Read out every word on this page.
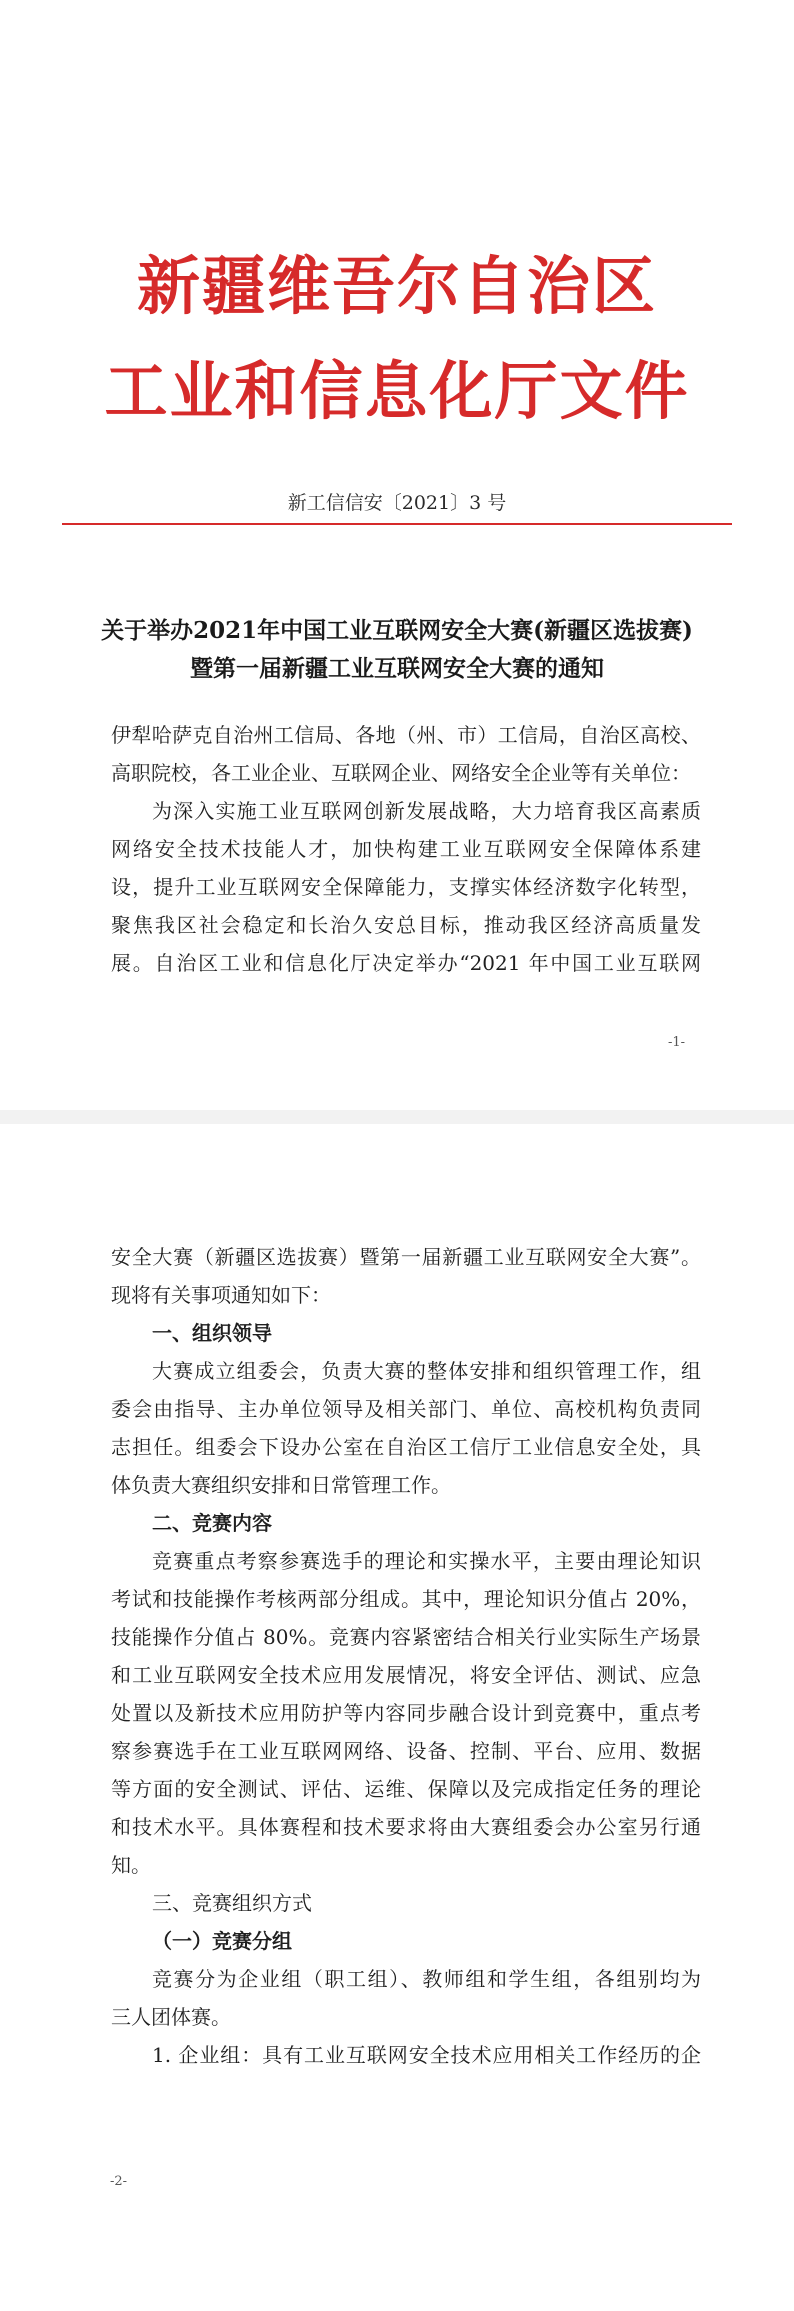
新疆维吾尔自治区
工业和信息化厅文件
新工信信安〔2021〕3 号
关于举办2021年中国工业互联网安全大赛(新疆区选拔赛)
暨第一届新疆工业互联网安全大赛的通知
伊犁哈萨克自治州工信局、各地（州、市）工信局，自治区高校、
高职院校，各工业企业、互联网企业、网络安全企业等有关单位：
为深入实施工业互联网创新发展战略，大力培育我区高素质
网络安全技术技能人才，加快构建工业互联网安全保障体系建
设，提升工业互联网安全保障能力，支撑实体经济数字化转型，
聚焦我区社会稳定和长治久安总目标，推动我区经济高质量发
展。自治区工业和信息化厅决定举办“2021 年中国工业互联网
-1-
安全大赛（新疆区选拔赛）暨第一届新疆工业互联网安全大赛”。
现将有关事项通知如下：
一、组织领导
大赛成立组委会，负责大赛的整体安排和组织管理工作，组
委会由指导、主办单位领导及相关部门、单位、高校机构负责同
志担任。组委会下设办公室在自治区工信厅工业信息安全处，具
体负责大赛组织安排和日常管理工作。
二、竞赛内容
竞赛重点考察参赛选手的理论和实操水平，主要由理论知识
考试和技能操作考核两部分组成。其中，理论知识分值占 20%，
技能操作分值占 80%。竞赛内容紧密结合相关行业实际生产场景
和工业互联网安全技术应用发展情况，将安全评估、测试、应急
处置以及新技术应用防护等内容同步融合设计到竞赛中，重点考
察参赛选手在工业互联网网络、设备、控制、平台、应用、数据
等方面的安全测试、评估、运维、保障以及完成指定任务的理论
和技术水平。具体赛程和技术要求将由大赛组委会办公室另行通
知。
三、竞赛组织方式
（一）竞赛分组
竞赛分为企业组（职工组）、教师组和学生组，各组别均为
三人团体赛。
1. 企业组：具有工业互联网安全技术应用相关工作经历的企
-2-
